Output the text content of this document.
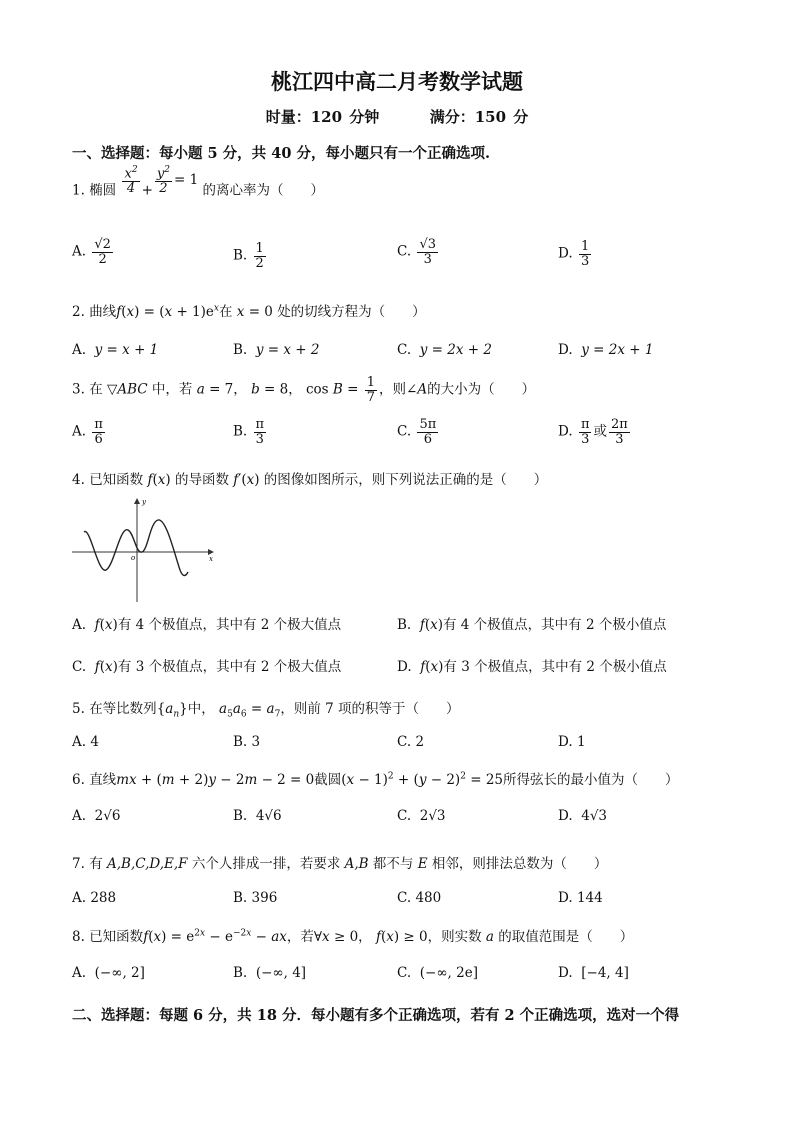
桃江四中高二月考数学试题
时量：120 分钟	满分：150 分
一、选择题：每小题 5 分，共 40 分，每小题只有一个正确选项.
1. 椭圆 $\frac{x^2}{4} + \frac{y^2}{2} = 1$ 的离心率为（　　）
A. $\frac{√2}{2}$	B. $\frac{1}{2}$	C. $\frac{√3}{3}$	D. $\frac{1}{3}$
2. 曲线$f(x) = (x + 1)e^x$在 x = 0 处的切线方程为（　　）
A. y = x + 1	B. y = x + 2	C. y = 2x + 2	D. y = 2x + 1
3. 在 ▽ABC 中，若 a = 7， b = 8， $\cos B = \frac{1}{7}$ ，则∠A的大小为（　　）
A. $\frac{\pi}{6}$	B. $\frac{\pi}{3}$	C. $\frac{5\pi}{6}$	D. $\frac{\pi}{3}$ 或 $\frac{2\pi}{3}$
4. 已知函数 f(x) 的导函数 f′(x) 的图像如图所示，则下列说法正确的是（　　）
y
x
o
A. f(x)有 4 个极值点，其中有 2 个极大值点	B. f(x)有 4 个极值点，其中有 2 个极小值点
C. f(x)有 3 个极值点，其中有 2 个极大值点	D. f(x)有 3 个极值点，其中有 2 个极小值点
5. 在等比数列$\{a_n\}$中， $a_5a_6 = a_7$，则前 7 项的积等于（　　）
A. 4	B. 3	C. 2	D. 1
6. 直线mx + (m + 2)y − 2m − 2 = 0截圆$(x - 1)^2 + (y - 2)^2 = 25$所得弦长的最小值为（　　）
A. 2√6	B. 4√6	C. 2√3	D. 4√3
7. 有 A,B,C,D,E,F 六个人排成一排，若要求 A,B 都不与 E 相邻，则排法总数为（　　）
A. 288	B. 396	C. 480	D. 144
8. 已知函数$f(x) = e^{2x} - e^{-2x}$ − ax，若∀x ≥ 0， f(x) ≥ 0，则实数 a 的取值范围是（　　）
A. (−∞, 2]	B. (−∞, 4]	C. (−∞, 2e]	D. [−4, 4]
二、选择题：每题 6 分，共 18 分．每小题有多个正确选项，若有 2 个正确选项，选对一个得
